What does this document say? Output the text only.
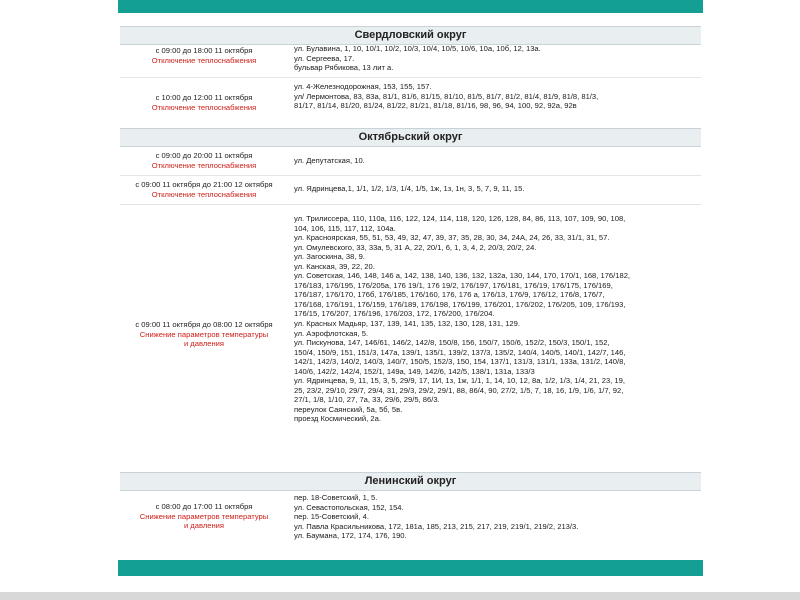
Свердловский округ
с 09:00 до 18:00 11 октября
Отключение теплоснабжения
ул. Булавина, 1, 10, 10/1, 10/2, 10/3, 10/4, 10/5, 10/6, 10а, 10б, 12, 13а.
ул. Сергеева, 17.
бульвар Рябикова, 13 лит а.
с 10:00 до 12:00 11 октября
Отключение теплоснабжения
ул. 4-Железнодорожная, 153, 155, 157.
ул/ Лермонтова, 83, 83а, 81/1, 81/6, 81/15, 81/10, 81/5, 81/7, 81/2, 81/4, 81/9, 81/8, 81/3,
81/17, 81/14, 81/20, 81/24, 81/22, 81/21, 81/18, 81/16, 98, 96, 94, 100, 92, 92а, 92в
Октябрьский округ
с 09:00 до 20:00 11 октября
Отключение теплоснабжения
ул. Депутатская, 10.
с 09:00 11 октября до 21:00 12 октября
Отключение теплоснабжения
ул. Ядринцева,1, 1/1, 1/2, 1/3, 1/4, 1/5, 1ж, 1з, 1н, 3, 5, 7, 9, 11, 15.
с 09:00 11 октября до 08:00 12 октября
Снижение параметров температуры
и давления
ул. Трилиссера, 110, 110а, 116, 122, 124, 114, 118, 120, 126, 128, 84, 86, 113, 107, 109, 90, 108,
104, 106, 115, 117, 112, 104а.
ул. Красноярская, 55, 51, 53, 49, 32, 47, 39, 37, 35, 28, 30, 34, 24А, 24, 26, 33, 31/1, 31, 57.
ул. Омулевского, 33, 33а, 5, 31 А, 22, 20/1, 6, 1, 3, 4, 2, 20/3, 20/2, 24.
ул. Загоскина, 38, 9.
ул. Канская, 39, 22, 20.
ул. Советская, 146, 148, 146 а, 142, 138, 140, 136, 132, 132а, 130, 144, 170, 170/1, 168, 176/182,
176/183, 176/195, 176/205а, 176 19/1, 176 19/2, 176/197, 176/181, 176/19, 176/175, 176/169,
176/187, 176/170, 176б, 176/185, 176/160, 176, 176 а, 176/13, 176/9, 176/12, 176/8, 176/7,
176/168, 176/191, 176/159, 176/189, 176/198, 176/199, 176/201, 176/202, 176/205, 109, 176/193,
176/15, 176/207, 176/196, 176/203, 172, 176/200, 176/204.
ул. Красных Мадьяр, 137, 139, 141, 135, 132, 130, 128, 131, 129.
ул. Аэрофлотская, 5.
ул. Пискунова, 147, 146/61, 146/2, 142/8, 150/8, 156, 150/7, 150/6, 152/2, 150/3, 150/1, 152,
150/4, 150/9, 151, 151/3, 147а, 139/1, 135/1, 139/2, 137/3, 135/2, 140/4, 140/5, 140/1, 142/7, 146,
142/1, 142/3, 140/2, 140/3, 140/7, 150/5, 152/3, 150, 154, 137/1, 131/3, 131/1, 133а, 131/2, 140/8,
140/6, 142/2, 142/4, 152/1, 149а, 149, 142/6, 142/5, 138/1, 131а, 133/3
ул. Ядринцева, 9, 11, 15, 3, 5, 29/9, 17, 1И, 1з, 1ж, 1/1, 1, 14, 10, 12, 8а, 1/2, 1/3, 1/4, 21, 23, 19,
25, 23/2, 29/10, 29/7, 29/4, 31, 29/3, 29/2, 29/1, 88, 86/4, 90, 27/2, 1/5, 7, 18, 16, 1/9, 1/6, 1/7, 92,
27/1, 1/8, 1/10, 27, 7а, 33, 29/6, 29/5, 86/3.
переулок Саянский, 5а, 5б, 5в.
проезд Космический, 2а.
Ленинский округ
с 08:00 до 17:00 11 октября
Снижение параметров температуры
и давления
пер. 18-Советский, 1, 5.
ул. Севастопольская, 152, 154.
пер. 15-Советский, 4.
ул. Павла Красильникова, 172, 181а, 185, 213, 215, 217, 219, 219/1, 219/2, 213/3.
ул. Баумана, 172, 174, 176, 190.
